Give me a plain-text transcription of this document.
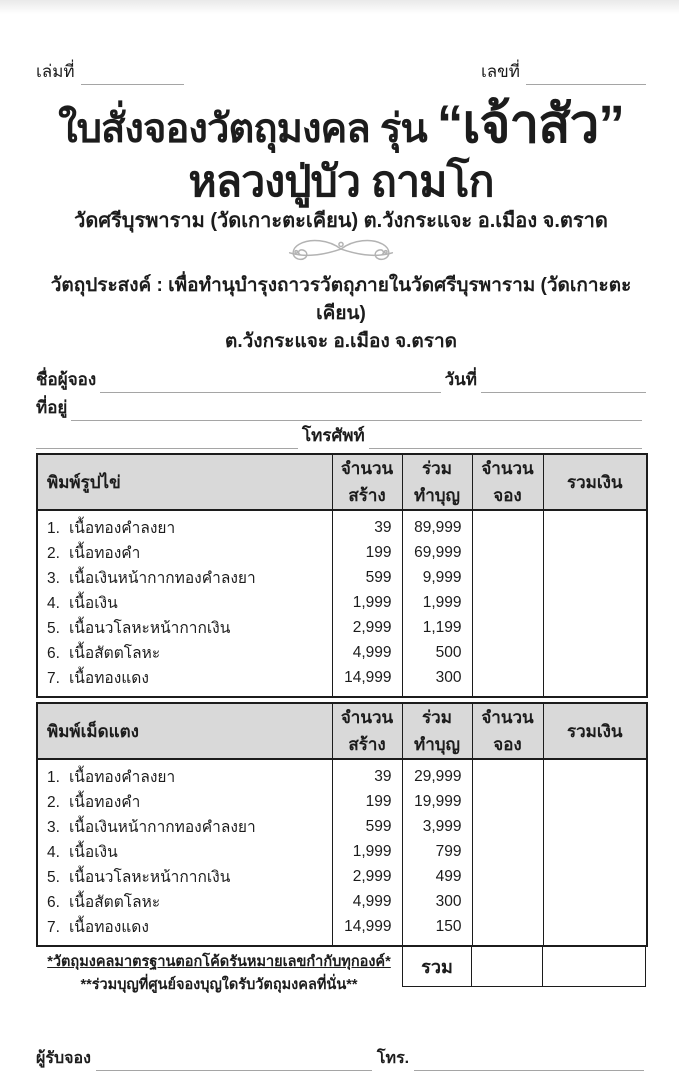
เล่มที่	เลขที่
ใบสั่งจองวัตถุมงคล รุ่น “เจ้าสัว”
หลวงปู่บัว ถามโก
วัดศรีบุรพาราม (วัดเกาะตะเคียน) ต.วังกระแจะ อ.เมือง จ.ตราด
วัตถุประสงค์ : เพื่อทำนุบำรุงถาวรวัตถุภายในวัดศรีบุรพาราม (วัดเกาะตะเคียน)
ต.วังกระแจะ อ.เมือง จ.ตราด
ชื่อผู้จอง	วันที่
ที่อยู่
โทรศัพท์
พิมพ์รูปไข่	จำนวนสร้าง	ร่วมทำบุญ	จำนวนจอง	รวมเงิน
1. เนื้อทองคำลงยา	39	89,999		
2. เนื้อทองคำ	199	69,999		
3. เนื้อเงินหน้ากากทองคำลงยา	599	9,999		
4. เนื้อเงิน	1,999	1,999		
5. เนื้อนวโลหะหน้ากากเงิน	2,999	1,199		
6. เนื้อสัตตโลหะ	4,999	500		
7. เนื้อทองแดง	14,999	300		
พิมพ์เม็ดแตง	จำนวนสร้าง	ร่วมทำบุญ	จำนวนจอง	รวมเงิน
1. เนื้อทองคำลงยา	39	29,999		
2. เนื้อทองคำ	199	19,999		
3. เนื้อเงินหน้ากากทองคำลงยา	599	3,999		
4. เนื้อเงิน	1,999	799		
5. เนื้อนวโลหะหน้ากากเงิน	2,999	499		
6. เนื้อสัตตโลหะ	4,999	300		
7. เนื้อทองแดง	14,999	150		
*วัตถุมงคลมาตรฐานตอกโค้ดรันหมายเลขกำกับทุกองค์*
**ร่วมบุญที่ศูนย์จองบุญใดรับวัตถุมงคลที่นั่น**
รวม
ผู้รับจอง	โทร.
